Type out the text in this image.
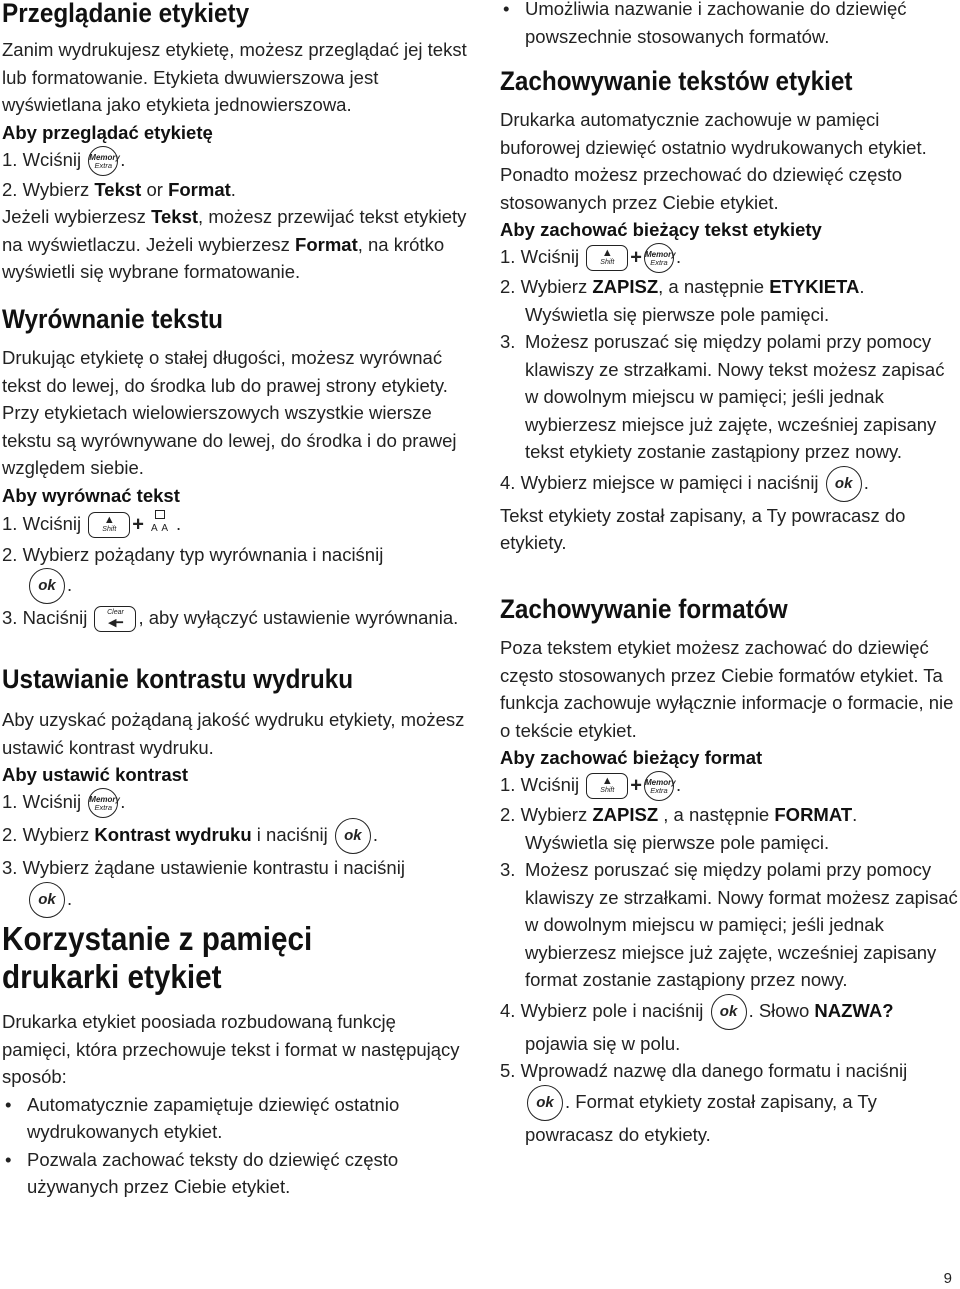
Przeglądanie etykiety

Zanim wydrukujesz etykietę, możesz przeglądać jej tekst lub formatowanie. Etykieta dwuwierszowa jest wyświetlana jako etykieta jednowierszowa.

Aby przeglądać etykietę
1. Wciśnij Memory
Extra .
2. Wybierz Tekst or Format.

Jeżeli wybierzesz Tekst, możesz przewijać tekst etykiety na wyświetlaczu. Jeżeli wybierzesz Format, na krótko wyświetli się wybrane formatowanie.

Wyrównanie tekstu

Drukując etykietę o stałej długości, możesz wyrównać tekst do lewej, do środka lub do prawej strony etykiety. Przy etykietach wielowierszowych wszystkie wiersze tekstu są wyrównywane do lewej, do środka i do prawej względem siebie.

Aby wyrównać tekst
1. Wciśnij	▲
Shift + A A .
2. Wybierz pożądany typ wyrównania i naciśnij
ok .
3. Naciśnij	Clear
◀━ , aby wyłączyć ustawienie wyrównania.
Ustawianie kontrastu wydruku

Aby uzyskać pożądaną jakość wydruku etykiety, możesz ustawić kontrast wydruku.

Aby ustawić kontrast
1. Wciśnij Memory
Extra .
2. Wybierz Kontrast wydruku i naciśnij	ok .
3. Wybierz żądane ustawienie kontrastu i naciśnij
ok .
Korzystanie z pamięci
drukarki etykiet

Drukarka etykiet poosiada rozbudowaną funkcję pamięci, która przechowuje tekst i format w następujący sposób:

• Automatycznie zapamiętuje dziewięć ostatnio wydrukowanych etykiet.
• Pozwala zachować teksty do dziewięć często używanych przez Ciebie etykiet.
• Umożliwia nazwanie i zachowanie do dziewięć powszechnie stosowanych formatów.
Zachowywanie tekstów etykiet

Drukarka automatycznie zachowuje w pamięci buforowej dziewięć ostatnio wydrukowanych etykiet.

Ponadto możesz przechować do dziewięć często stosowanych przez Ciebie etykiet.

Aby zachować bieżący tekst etykiety
1. Wciśnij	▲
Shift + Memory
Extra .
2. Wybierz ZAPISZ, a następnie ETYKIETA.
Wyświetla się pierwsze pole pamięci.
3. Możesz poruszać się między polami przy pomocy klawiszy ze strzałkami. Nowy tekst możesz zapisać w dowolnym miejscu w pamięci; jeśli jednak wybierzesz miejsce już zajęte, wcześniej zapisany tekst etykiety zostanie zastąpiony przez nowy.
4. Wybierz miejsce w pamięci i naciśnij	ok .

Tekst etykiety został zapisany, a Ty powracasz do etykiety.

Zachowywanie formatów

Poza tekstem etykiet możesz zachować do dziewięć często stosowanych przez Ciebie formatów etykiet. Ta funkcja zachowuje wyłącznie informacje o formacie, nie o tekście etykiet.

Aby zachować bieżący format
1. Wciśnij	▲
Shift + Memory
Extra .
2. Wybierz ZAPISZ , a następnie FORMAT.
Wyświetla się pierwsze pole pamięci.
3. Możesz poruszać się między polami przy pomocy klawiszy ze strzałkami. Nowy format możesz zapisać w dowolnym miejscu w pamięci; jeśli jednak wybierzesz miejsce już zajęte, wcześniej zapisany format zostanie zastąpiony przez nowy.
4. Wybierz pole i naciśnij	ok . Słowo NAZWA?
pojawia się w polu.
5. Wprowadź nazwę dla danego formatu i naciśnij
ok . Format etykiety został zapisany, a Ty powracasz do etykiety.
9
